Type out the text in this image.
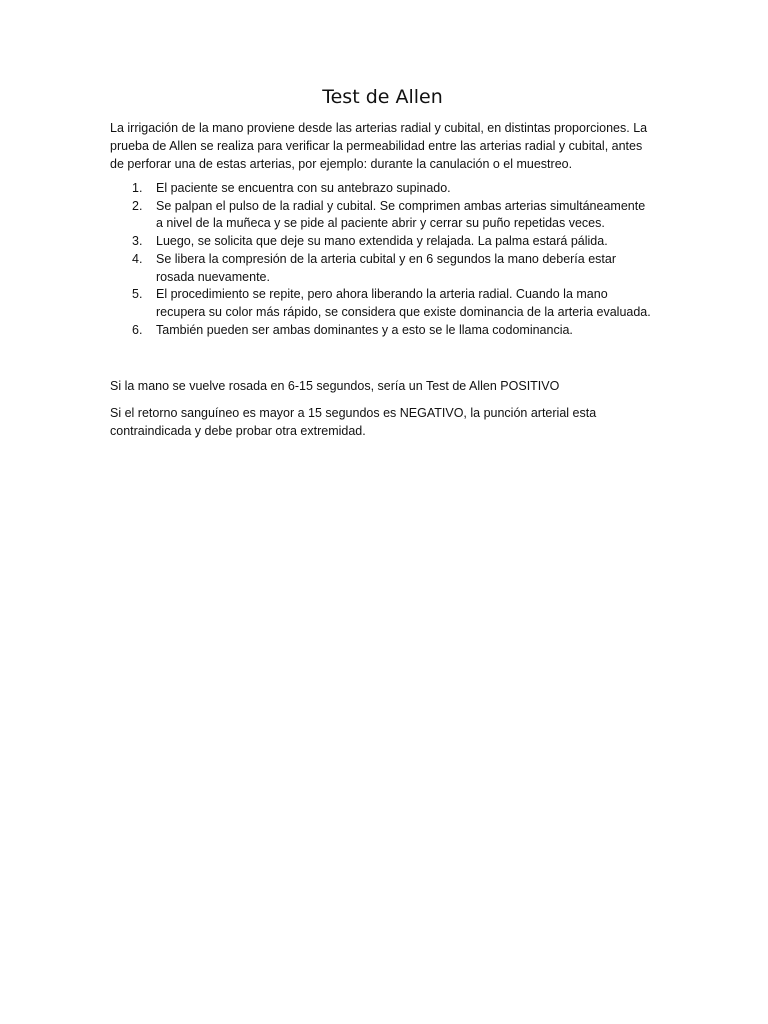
Test de Allen

La irrigación de la mano proviene desde las arterias radial y cubital, en distintas proporciones. La prueba de Allen se realiza para verificar la permeabilidad entre las arterias radial y cubital, antes de perforar una de estas arterias, por ejemplo: durante la canulación o el muestreo.

1. El paciente se encuentra con su antebrazo supinado.
2. Se palpan el pulso de la radial y cubital. Se comprimen ambas arterias simultáneamente a nivel de la muñeca y se pide al paciente abrir y cerrar su puño repetidas veces.
3. Luego, se solicita que deje su mano extendida y relajada. La palma estará pálida.
4. Se libera la compresión de la arteria cubital y en 6 segundos la mano debería estar rosada nuevamente.
5. El procedimiento se repite, pero ahora liberando la arteria radial. Cuando la mano recupera su color más rápido, se considera que existe dominancia de la arteria evaluada.
6. También pueden ser ambas dominantes y a esto se le llama codominancia.

Si la mano se vuelve rosada en 6-15 segundos, sería un Test de Allen POSITIVO

Si el retorno sanguíneo es mayor a 15 segundos es NEGATIVO, la punción arterial esta contraindicada y debe probar otra extremidad.
